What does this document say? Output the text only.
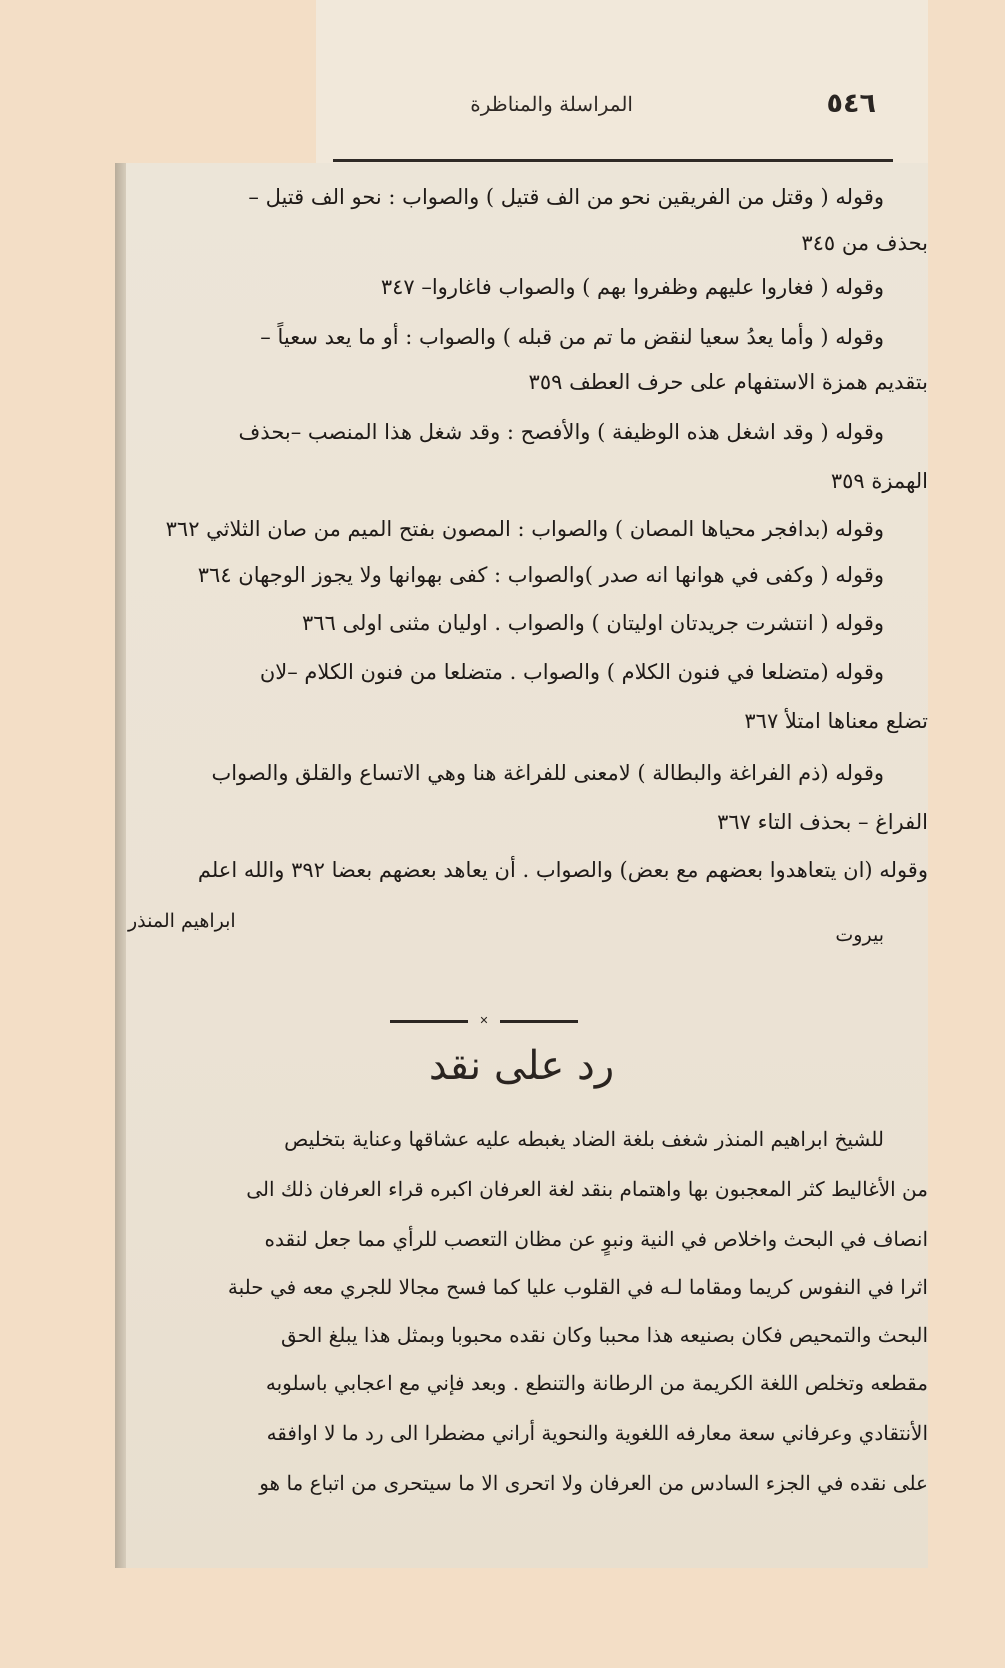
٥٤٦
المراسلة والمناظرة
وقوله ( وقتل من الفريقين نحو من الف قتيل ) والصواب : نحو الف قتيل –
بحذف من ٣٤٥
وقوله ( فغاروا عليهم وظفروا بهم ) والصواب فاغاروا– ٣٤٧
وقوله ( وأما يعدُ سعيا لنقض ما تم من قبله ) والصواب : أو ما يعد سعياً –
بتقديم همزة الاستفهام على حرف العطف ٣٥٩
وقوله ( وقد اشغل هذه الوظيفة ) والأفصح : وقد شغل هذا المنصب –بحذف
الهمزة ٣٥٩
وقوله (بدافجر محياها المصان ) والصواب : المصون بفتح الميم من صان الثلاثي ٣٦٢
وقوله ( وكفى في هوانها انه صدر )والصواب : كفى بهوانها ولا يجوز الوجهان ٣٦٤
وقوله ( انتشرت جريدتان اوليتان ) والصواب . اوليان مثنى اولى ٣٦٦
وقوله (متضلعا في فنون الكلام ) والصواب . متضلعا من فنون الكلام –لان
تضلع معناها امتلأ ٣٦٧
وقوله (ذم الفراغة والبطالة ) لامعنى للفراغة هنا وهي الاتساع والقلق والصواب
الفراغ – بحذف التاء ٣٦٧
وقوله (ان يتعاهدوا بعضهم مع بعض) والصواب . أن يعاهد بعضهم بعضا ٣٩٢ والله اعلم
بيروت
ابراهيم المنذر
✕
رد على نقد
للشيخ ابراهيم المنذر شغف بلغة الضاد يغبطه عليه عشاقها وعناية بتخليص
من الأغاليط كثر المعجبون بها واهتمام بنقد لغة العرفان اكبره قراء العرفان ذلك الى
انصاف في البحث واخلاص في النية ونبوٍ عن مظان التعصب للرأي مما جعل لنقده
اثرا في النفوس كريما ومقاما لـه في القلوب عليا كما فسح مجالا للجري معه في حلبة
البحث والتمحيص فكان بصنيعه هذا محببا وكان نقده محبوبا وبمثل هذا يبلغ الحق
مقطعه وتخلص اللغة الكريمة من الرطانة والتنطع . وبعد فإني مع اعجابي باسلوبه
الأنتقادي وعرفاني سعة معارفه اللغوية والنحوية أراني مضطرا الى رد ما لا اوافقه
على نقده في الجزء السادس من العرفان ولا اتحرى الا ما سيتحرى من اتباع ما هو
